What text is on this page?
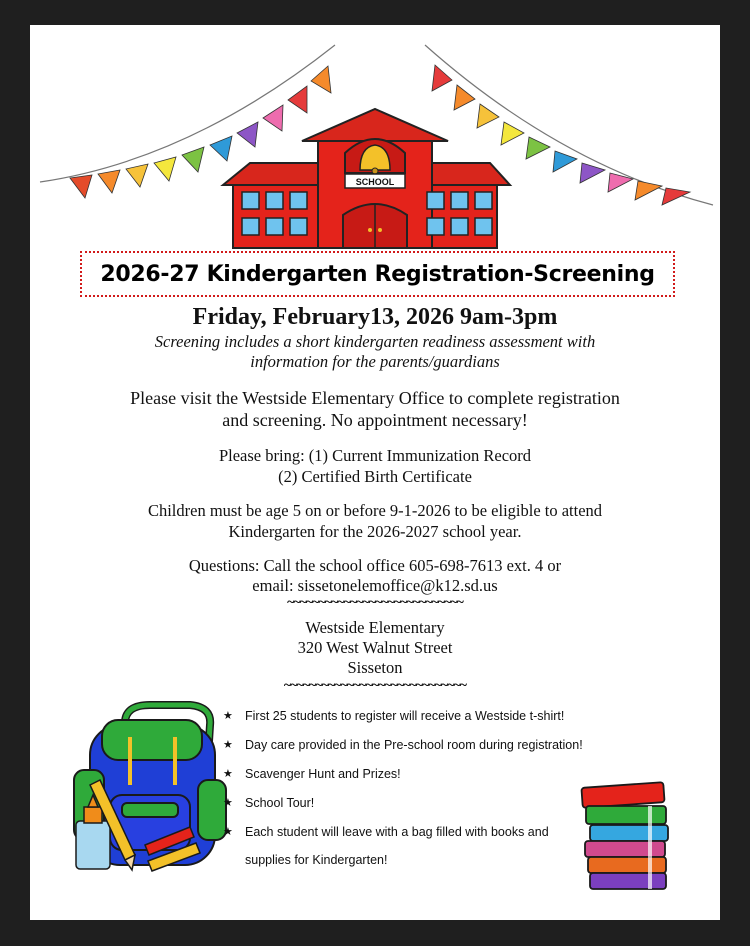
SCHOOL
2026-27 Kindergarten Registration-Screening
Friday, February13, 2026 9am-3pm
Screening includes a short kindergarten readiness assessment with
information for the parents/guardians
Please visit the Westside Elementary Office to complete registration
and screening. No appointment necessary!
Please bring: (1) Current Immunization Record
(2) Certified Birth Certificate
Children must be age 5 on or before 9-1-2026 to be eligible to attend
Kindergarten for the 2026-2027 school year.
Questions: Call the school office 605-698-7613 ext. 4 or
email: sissetonelemoffice@k12.sd.us
~~~~~~~~~~~~~~~~~~~~~~~~~~~~
Westside Elementary
320 West Walnut Street
Sisseton
~~~~~~~~~~~~~~~~~~~~~~~~~~~~~
★ First 25 students to register will receive a Westside t-shirt!
★ Day care provided in the Pre-school room during registration!
★ Scavenger Hunt and Prizes!
★ School Tour!
★ Each student will leave with a bag filled with books and
supplies for Kindergarten!
